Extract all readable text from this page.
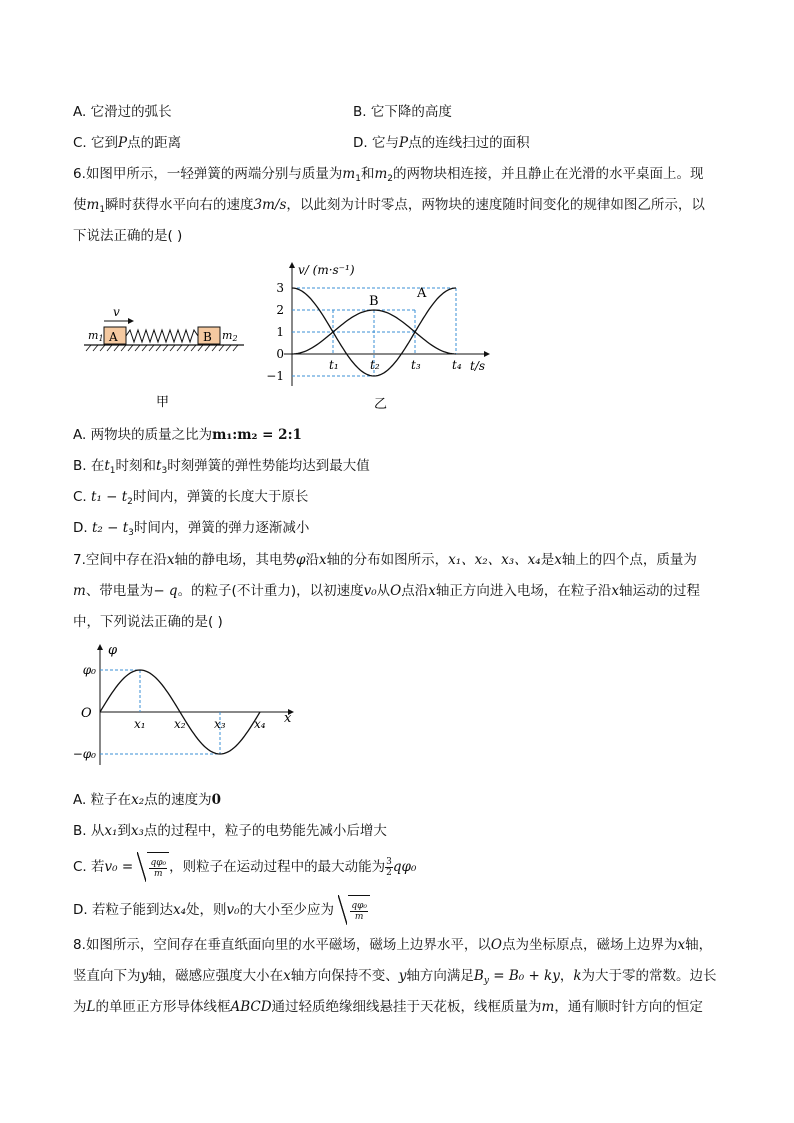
A. 它滑过的弧长	B. 它下降的高度
C. 它到P点的距离	D. 它与P点的连线扫过的面积
6.如图甲所示，一轻弹簧的两端分别与质量为$m_1$和$m_2$的两物块相连接，并且静止在光滑的水平桌面上。现
使$m_1$瞬时获得水平向右的速度3m/s，以此刻为计时零点，两物块的速度随时间变化的规律如图乙所示，以
下说法正确的是( )
v
m1 A	B m2
甲
v/ (m·s⁻¹)
t/s
3
2
1
0
−1
t₁	t₂	t₃	t₄
B
A
乙
A. 两物块的质量之比为m₁:m₂ = 2:1
B. 在$t_1$时刻和$t_3$时刻弹簧的弹性势能均达到最大值
C. $t_1 - t_2$时间内，弹簧的长度大于原长
D. $t_2 - t_3$时间内，弹簧的弹力逐渐减小
7.空间中存在沿x轴的静电场，其电势φ沿x轴的分布如图所示，x₁、x₂、x₃、x₄是x轴上的四个点，质量为
m、带电量为− q。的粒子(不计重力)，以初速度v₀从O点沿x轴正方向进入电场，在粒子沿x轴运动的过程
中，下列说法正确的是( )
φ
x
O
φ₀
−φ₀
x₁ x₂ x₃ x₄
A. 粒子在x₂点的速度为0
B. 从x₁到x₃点的过程中，粒子的电势能先减小后增大
C. 若$v_0 = \frac{\text{qφ₀}}{m}$ ，则粒子在运动过程中的最大动能为 $\frac{3}{2} q\varphi_0$
D. 若粒子能到达x₄处，则v₀的大小至少应为 $\frac{\text{qφ₀}}{m}$
8.如图所示，空间存在垂直纸面向里的水平磁场，磁场上边界水平，以O点为坐标原点，磁场上边界为x轴，
竖直向下为y轴，磁感应强度大小在x轴方向保持不变、y轴方向满足$B_y = B_0$ + ky，k为大于零的常数。边长
为L的单匝正方形导体线框ABCD通过轻质绝缘细线悬挂于天花板，线框质量为m，通有顺时针方向的恒定
